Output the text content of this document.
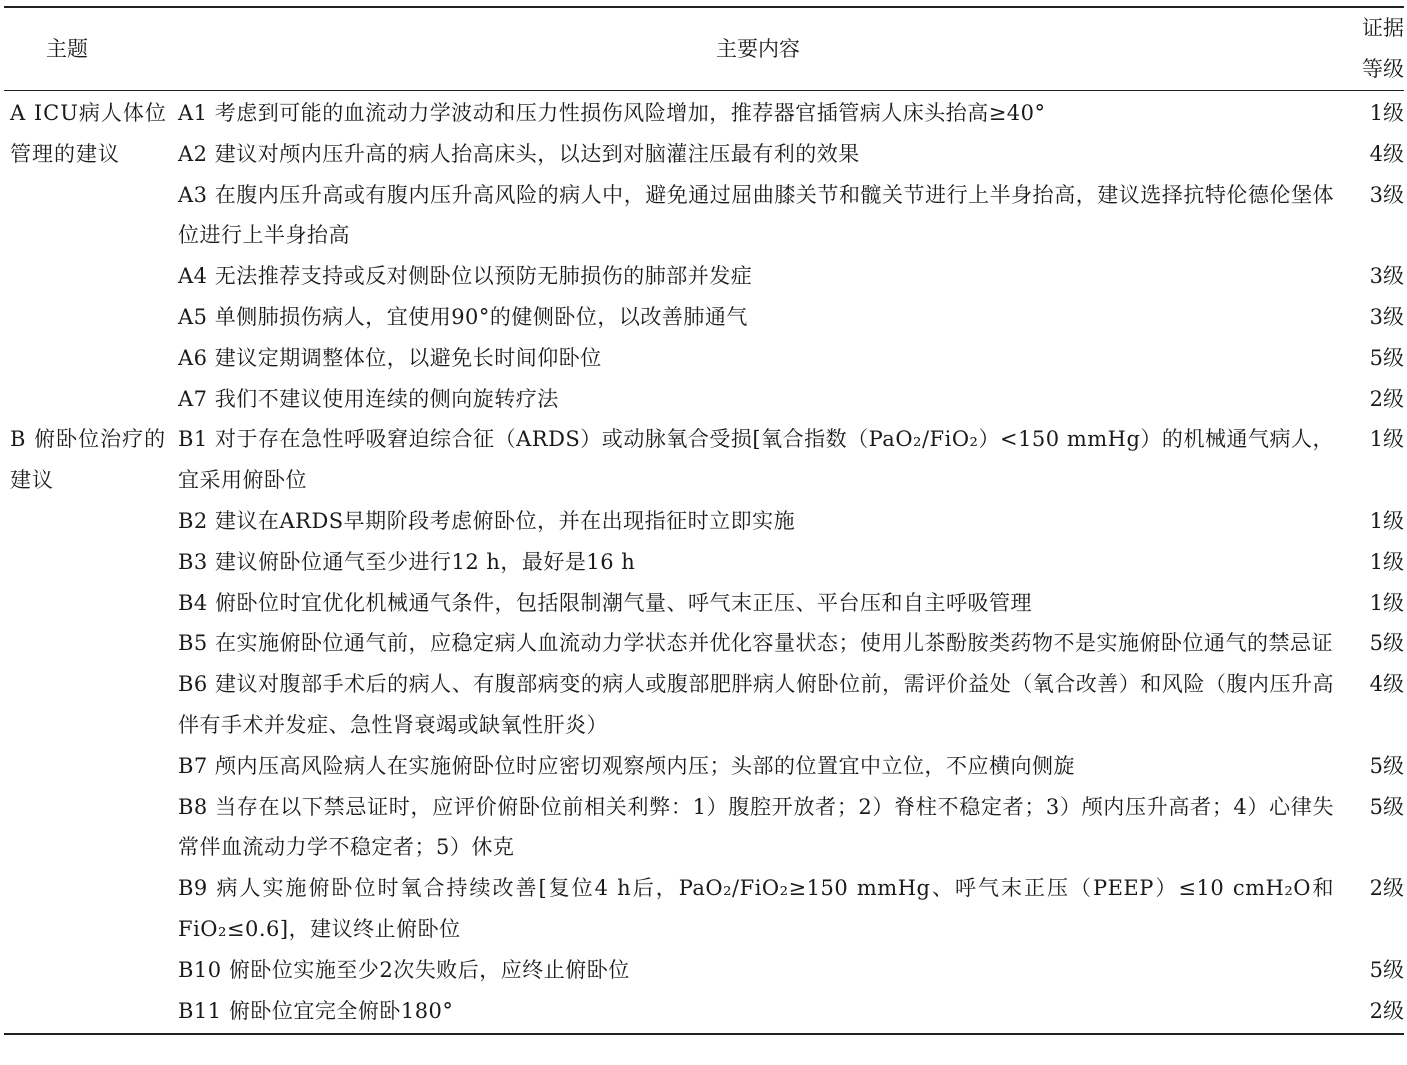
主题	主要内容	证据等级
A ICU病人体位管理的建议	A1 考虑到可能的血流动力学波动和压力性损伤风险增加，推荐器官插管病人床头抬高≥40°	1级
	A2 建议对颅内压升高的病人抬高床头，以达到对脑灌注压最有利的效果	4级
	A3 在腹内压升高或有腹内压升高风险的病人中，避免通过屈曲膝关节和髋关节进行上半身抬高，建议选择抗特伦德伦堡体位进行上半身抬高	3级
	A4 无法推荐支持或反对侧卧位以预防无肺损伤的肺部并发症	3级
	A5 单侧肺损伤病人，宜使用90°的健侧卧位，以改善肺通气	3级
	A6 建议定期调整体位，以避免长时间仰卧位	5级
	A7 我们不建议使用连续的侧向旋转疗法	2级
B 俯卧位治疗的建议	B1 对于存在急性呼吸窘迫综合征（ARDS）或动脉氧合受损[氧合指数（PaO₂/FiO₂）<150 mmHg）的机械通气病人，宜采用俯卧位	1级
	B2 建议在ARDS早期阶段考虑俯卧位，并在出现指征时立即实施	1级
	B3 建议俯卧位通气至少进行12 h，最好是16 h	1级
	B4 俯卧位时宜优化机械通气条件，包括限制潮气量、呼气末正压、平台压和自主呼吸管理	1级
	B5 在实施俯卧位通气前，应稳定病人血流动力学状态并优化容量状态；使用儿茶酚胺类药物不是实施俯卧位通气的禁忌证	5级
	B6 建议对腹部手术后的病人、有腹部病变的病人或腹部肥胖病人俯卧位前，需评价益处（氧合改善）和风险（腹内压升高伴有手术并发症、急性肾衰竭或缺氧性肝炎）	4级
	B7 颅内压高风险病人在实施俯卧位时应密切观察颅内压；头部的位置宜中立位，不应横向侧旋	5级
	B8 当存在以下禁忌证时，应评价俯卧位前相关利弊：1）腹腔开放者；2）脊柱不稳定者；3）颅内压升高者；4）心律失常伴血流动力学不稳定者；5）休克	5级
	B9 病人实施俯卧位时氧合持续改善[复位4 h后，PaO₂/FiO₂≥150 mmHg、呼气末正压（PEEP）≤10 cmH₂O和FiO₂≤0.6]，建议终止俯卧位	2级
	B10 俯卧位实施至少2次失败后，应终止俯卧位	5级
	B11 俯卧位宜完全俯卧180°	2级
